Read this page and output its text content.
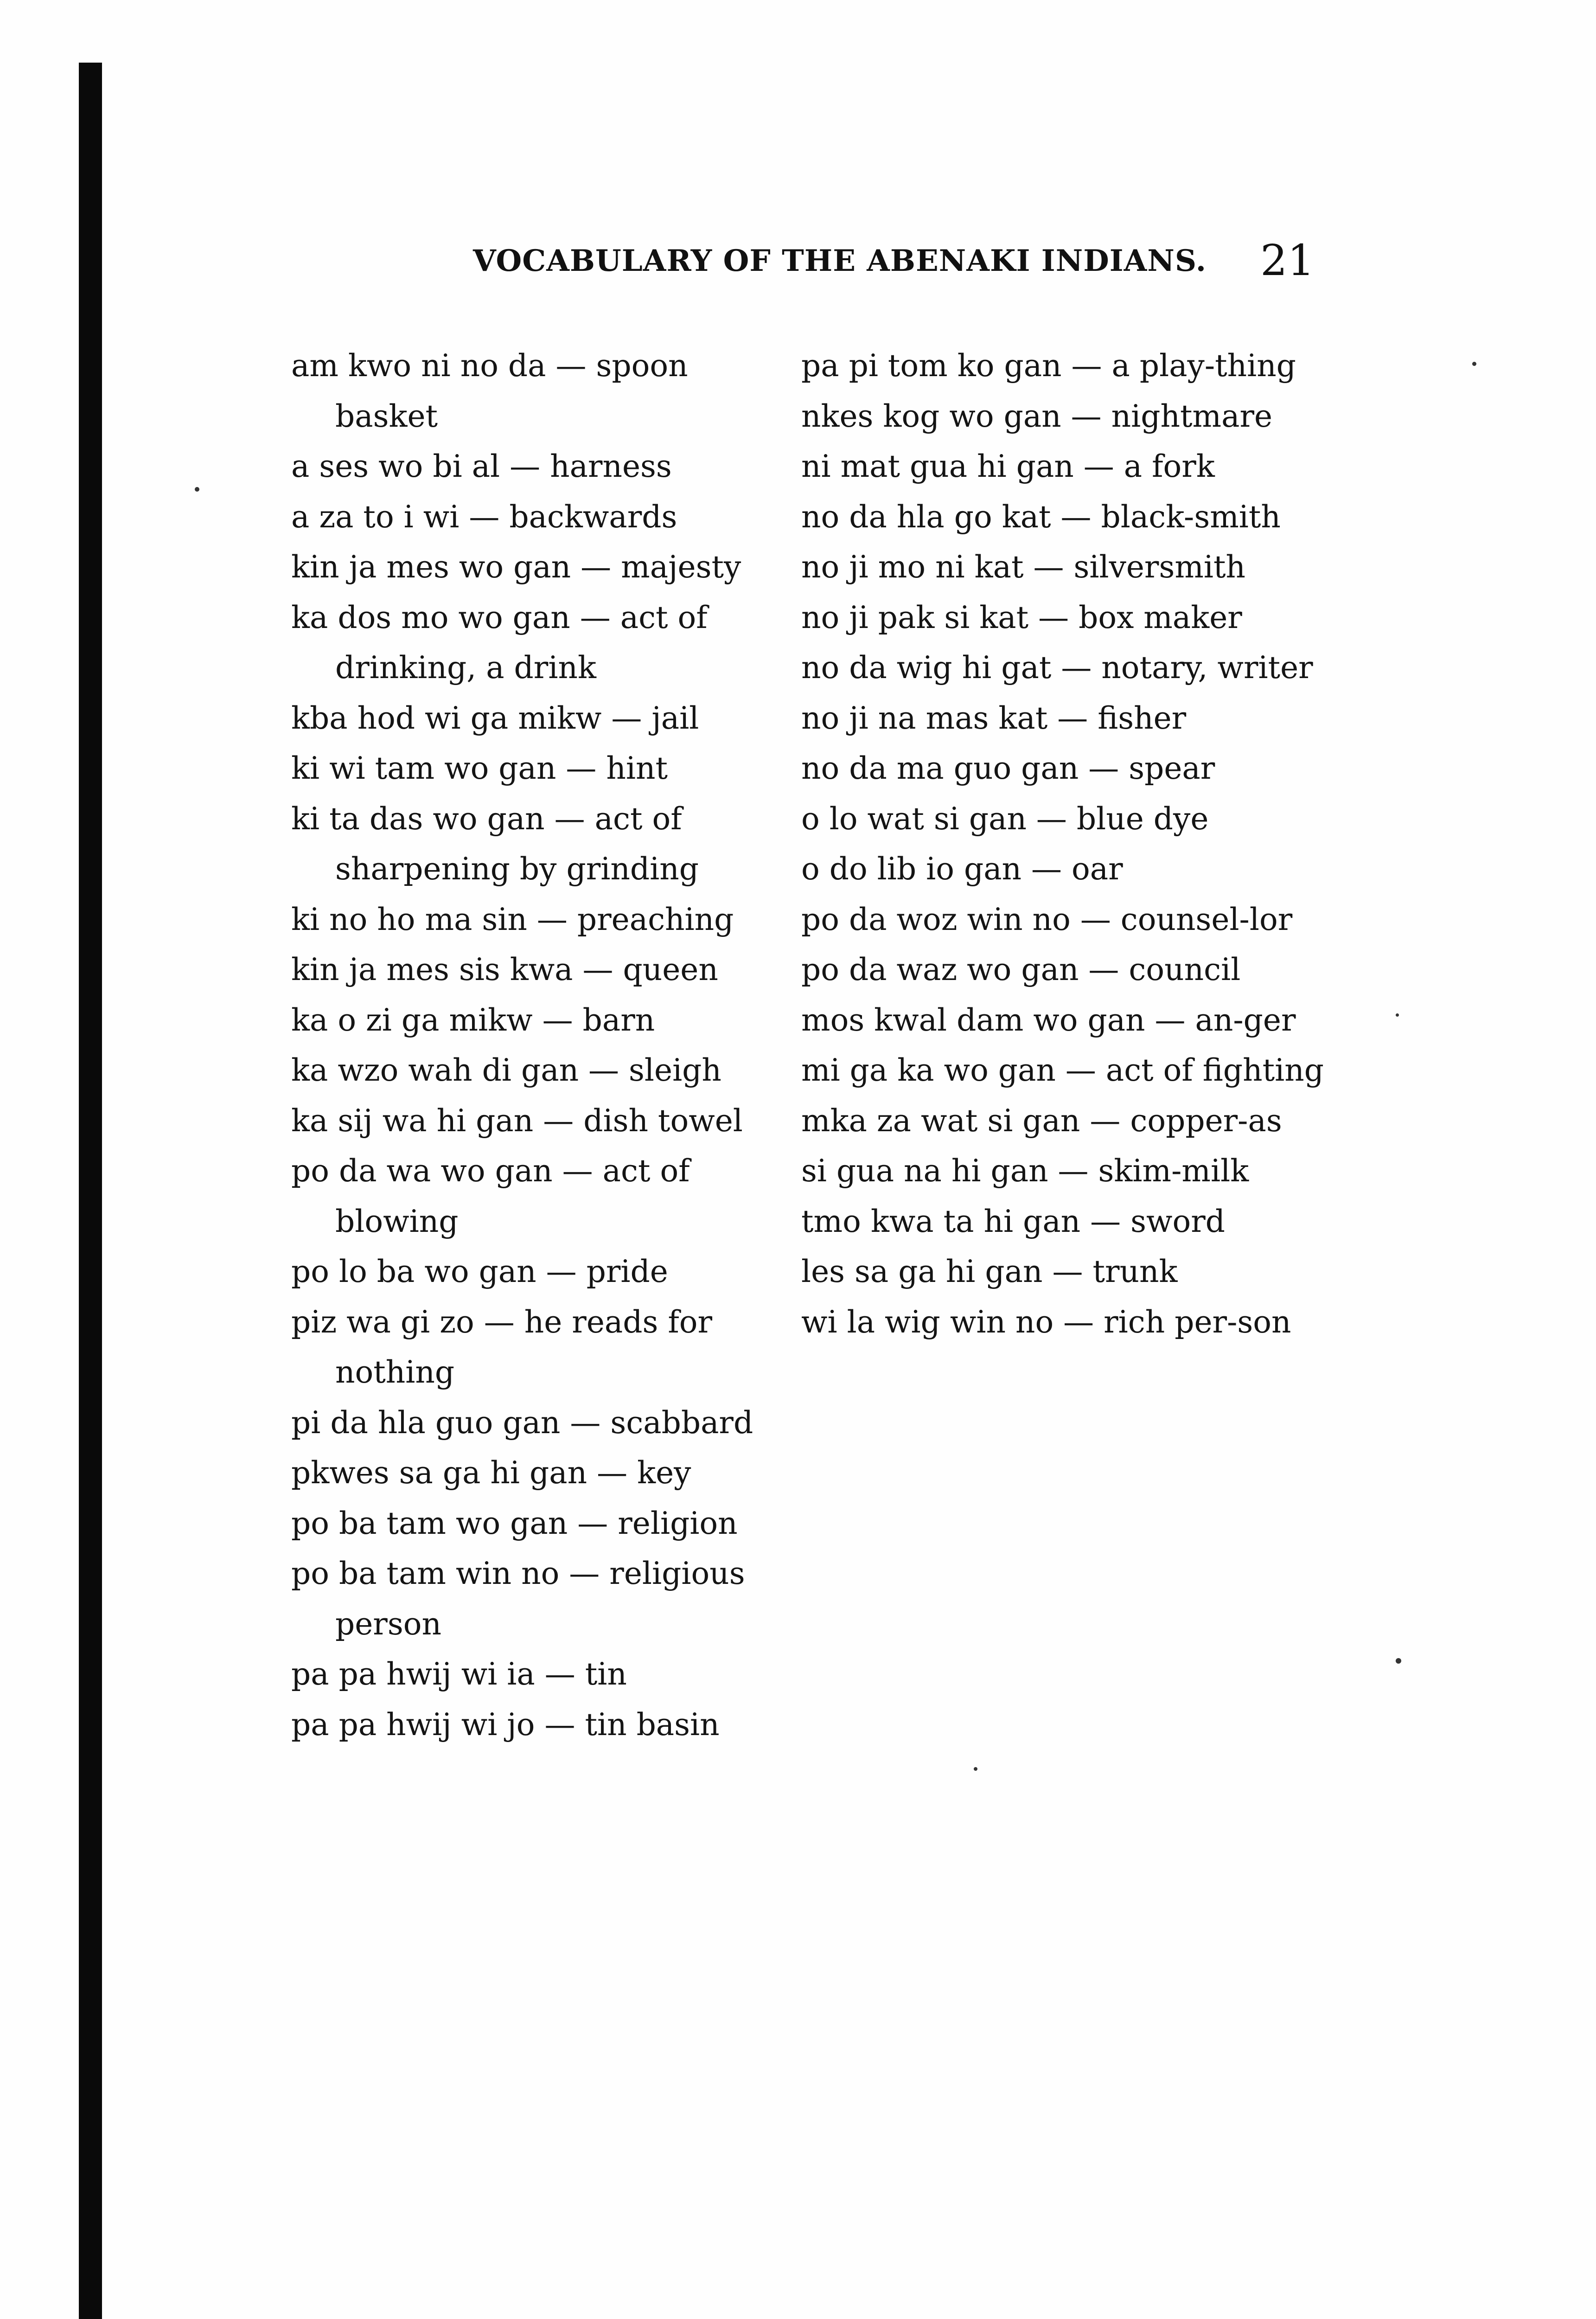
VOCABULARY OF THE ABENAKI INDIANS. 21
am kwo ni no da — spoon basket
a ses wo bi al — harness
a za to i wi — backwards
kin ja mes wo gan — majesty
ka dos mo wo gan — act of drinking, a drink
kba hod wi ga mikw — jail
ki wi tam wo gan — hint
ki ta das wo gan — act of sharpening by grinding
ki no ho ma sin — preaching
kin ja mes sis kwa — queen
ka o zi ga mikw — barn
ka wzo wah di gan — sleigh
ka sij wa hi gan — dish towel
po da wa wo gan — act of blowing
po lo ba wo gan — pride
piz wa gi zo — he reads for nothing
pi da hla guo gan — scabbard
pkwes sa ga hi gan — key
po ba tam wo gan — religion
po ba tam win no — religious person
pa pa hwij wi ia — tin
pa pa hwij wi jo — tin basin
pa pi tom ko gan — a play-thing
nkes kog wo gan — nightmare
ni mat gua hi gan — a fork
no da hla go kat — black-smith
no ji mo ni kat — silversmith
no ji pak si kat — box maker
no da wig hi gat — notary, writer
no ji na mas kat — fisher
no da ma guo gan — spear
o lo wat si gan — blue dye
o do lib io gan — oar
po da woz win no — counsel-lor
po da waz wo gan — council
mos kwal dam wo gan — an-ger
mi ga ka wo gan — act of fighting
mka za wat si gan — copper-as
si gua na hi gan — skim-milk
tmo kwa ta hi gan — sword
les sa ga hi gan — trunk
wi la wig win no — rich per-son
